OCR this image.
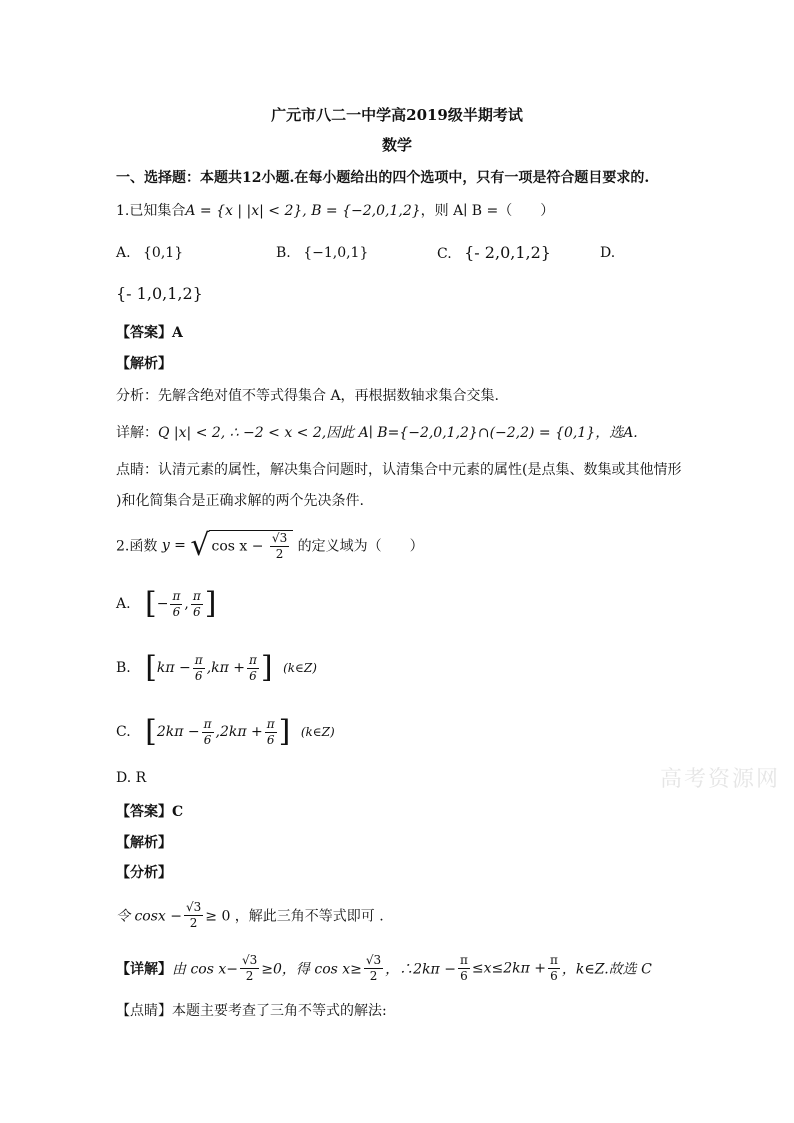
广元市八二一中学高2019级半期考试
数学
一、选择题：本题共12小题.在每小题给出的四个选项中，只有一项是符合题目要求的.
1.已知集合A = {x | |x| < 2}, B = {−2,0,1,2}，则 A∣ B =（　　）
A. {0,1}	B. {−1,0,1}	C. {- 2,0,1,2}	D.
{- 1,0,1,2}
【答案】A
【解析】
分析：先解含绝对值不等式得集合 A，再根据数轴求集合交集.
详解：Q |x| < 2, ∴ −2 < x < 2,因此 A∣ B={−2,0,1,2}∩(−2,2) = {0,1}，选A.
点睛：认清元素的属性，解决集合问题时，认清集合中元素的属性(是点集、数集或其他情形
)和化简集合是正确求解的两个先决条件.
2.函数 y = √ $\cos x - \frac{√3}{2}$ 的定义域为（　　）
A. [− $\frac{\pi}{6}$ , $\frac{\pi}{6}$ ]
B. [$k\pi - \frac{\pi}{6} ,k\pi + \frac{\pi}{6}$ ] (k∈Z)
C. [$2k\pi - \frac{\pi}{6} ,2k\pi + \frac{\pi}{6}$ ] (k∈Z)
D. R	高考资源网
【答案】C
【解析】
【分析】
令 $\cos x - \frac{√3}{2} \ge 0$ ，解此三角不等式即可 .
【详解】由 $\cos x- \frac{√3}{2} \ge 0$，得 $\cos x\ge \frac{√3}{2}$ ，∴2kπ − $\frac{\pi}{6} \le x\le 2k\pi + \frac{\pi}{6}$ ，k∈Z.故选 C
【点睛】本题主要考查了三角不等式的解法:
